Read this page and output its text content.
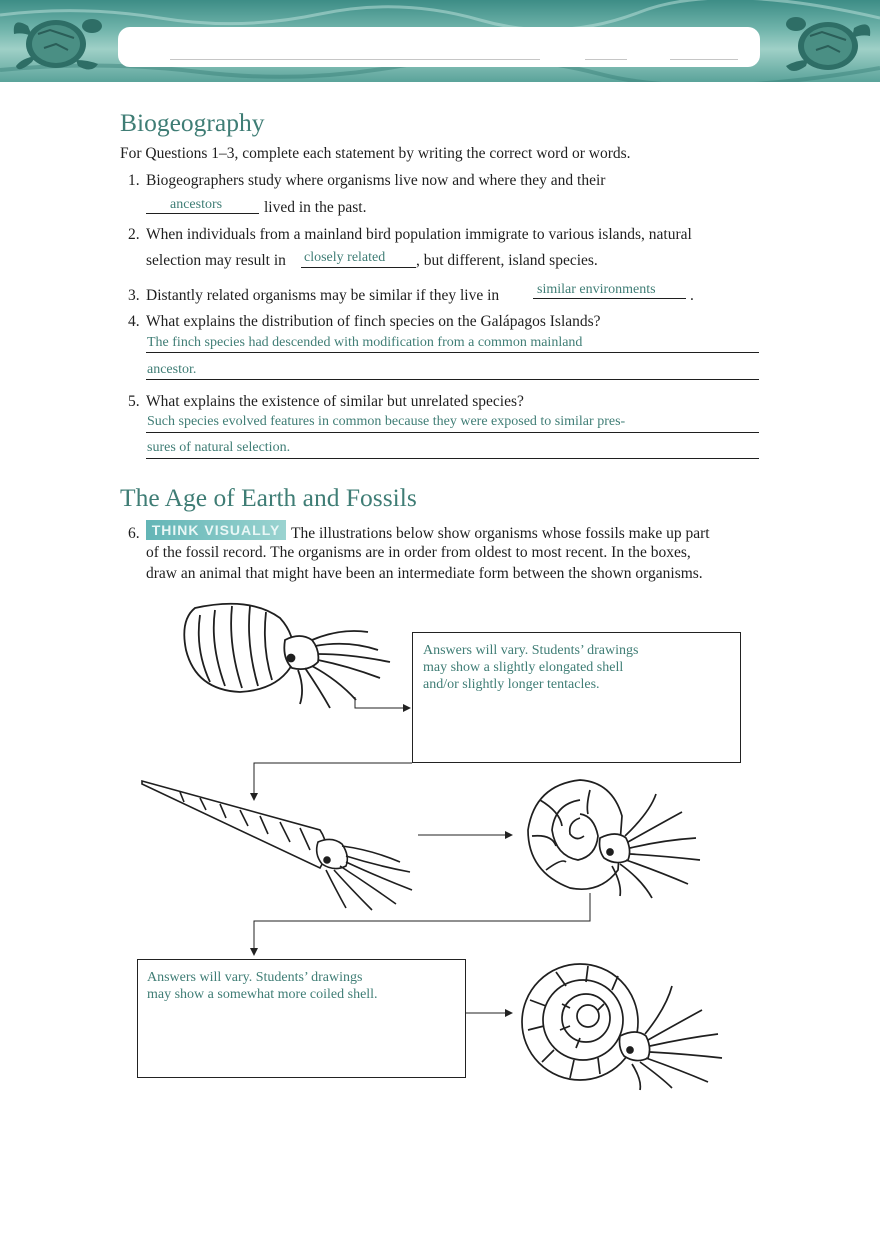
Biogeography
For Questions 1–3, complete each statement by writing the correct word or words.
1. Biogeographers study where organisms live now and where they and their
ancestors	lived in the past.
2. When individuals from a mainland bird population immigrate to various islands, natural
selection may result in closely related , but different, island species.
3. Distantly related organisms may be similar if they live in	similar environments .
4. What explains the distribution of finch species on the Galápagos Islands?
The finch species had descended with modification from a common mainland
ancestor.
5. What explains the existence of similar but unrelated species?
Such species evolved features in common because they were exposed to similar pres-
sures of natural selection.
The Age of Earth and Fossils
6. THINK VISUALLY The illustrations below show organisms whose fossils make up part
of the fossil record. The organisms are in order from oldest to most recent. In the boxes,
draw an animal that might have been an intermediate form between the shown organisms.
Answers will vary. Students’ drawings
may show a slightly elongated shell
and/or slightly longer tentacles.
Answers will vary. Students’ drawings
may show a somewhat more coiled shell.
